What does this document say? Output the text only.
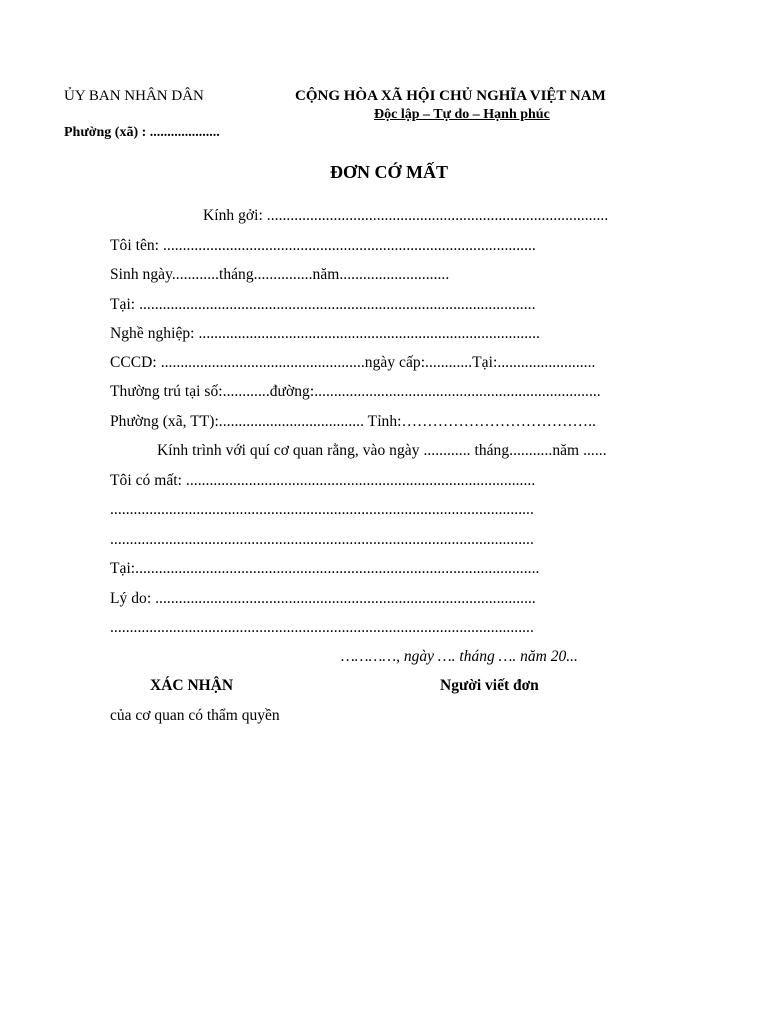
ỦY BAN NHÂN DÂN
Phường (xã) : ....................
CỘNG HÒA XÃ HỘI CHỦ NGHĨA VIỆT NAM
Độc lập – Tự do – Hạnh phúc
ĐƠN CỚ MẤT
Kính gởi: .......................................................................................
Tôi tên: ...............................................................................................
Sinh ngày............tháng...............năm............................
Tại: .....................................................................................................
Nghề nghiệp: .......................................................................................
CCCD: ....................................................ngày cấp:............Tại:.........................
Thường trú tại số:............đường:.........................................................................
Phường (xã, TT):..................................... Tỉnh:………………………………..
Kính trình với quí cơ quan rằng, vào ngày ............ tháng...........năm ......
Tôi có mất: .........................................................................................
............................................................................................................
............................................................................................................
Tại:.......................................................................................................
Lý do: .................................................................................................
............................................................................................................
…………, ngày …. tháng …. năm 20...
XÁC NHẬN	Người viết đơn
của cơ quan có thẩm quyền
